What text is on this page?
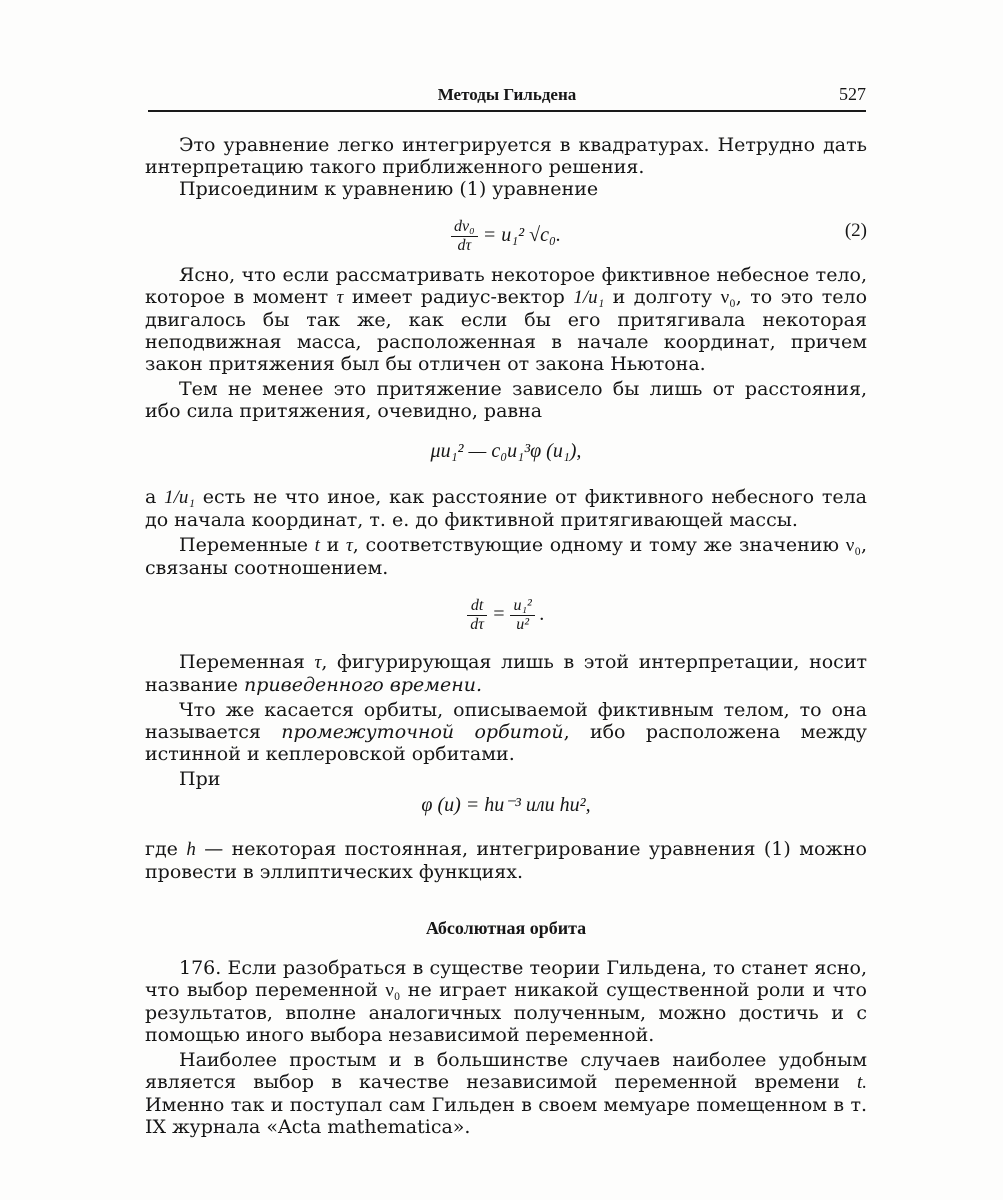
Методы Гильдена	527

Это уравнение легко интегрируется в квадратурах. Нетрудно дать интерпретацию такого приближенного решения.

Присоединим к уравнению (1) уравнение

$\frac{\text{dν₀}}{d\tau} = u_1^2$ √c₀.	(2)

Ясно, что если рассматривать некоторое фиктивное небесное тело, которое в момент τ имеет радиус-вектор 1/u₁ и долготу ν₀, то это тело двигалось бы так же, как если бы его притягивала некоторая неподвижная масса, расположенная в начале координат, причем закон притяжения был бы отличен от закона Ньютона.

Тем не менее это притяжение зависело бы лишь от расстояния, ибо сила притяжения, очевидно, равна

μu₁² — c₀u₁³φ (u₁),

а 1/u₁ есть не что иное, как расстояние от фиктивного небесного тела до начала координат, т. е. до фиктивной притягивающей массы.

Переменные t и τ, соответствующие одному и тому же значению ν₀, связаны соотношением.

$\frac{dt}{d\tau} = \frac{\text{u₁²}}{\text{u²}}$ .

Переменная τ, фигурирующая лишь в этой интерпретации, носит название приведенного времени.

Что же касается орбиты, описываемой фиктивным телом, то она называется промежуточной орбитой, ибо расположена между истинной и кеплеровской орбитами.

При

φ (u) = hu⁻³ или hu²,

где h — некоторая постоянная, интегрирование уравнения (1) можно провести в эллиптических функциях.

Абсолютная орбита

176. Если разобраться в существе теории Гильдена, то станет ясно, что выбор переменной ν₀ не играет никакой существенной роли и что результатов, вполне аналогичных полученным, можно достичь и с помощью иного выбора независимой переменной.

Наиболее простым и в большинстве случаев наиболее удобным является выбор в качестве независимой переменной времени t. Именно так и поступал сам Гильден в своем мемуаре помещенном в т. IX журнала «Acta mathematica».
